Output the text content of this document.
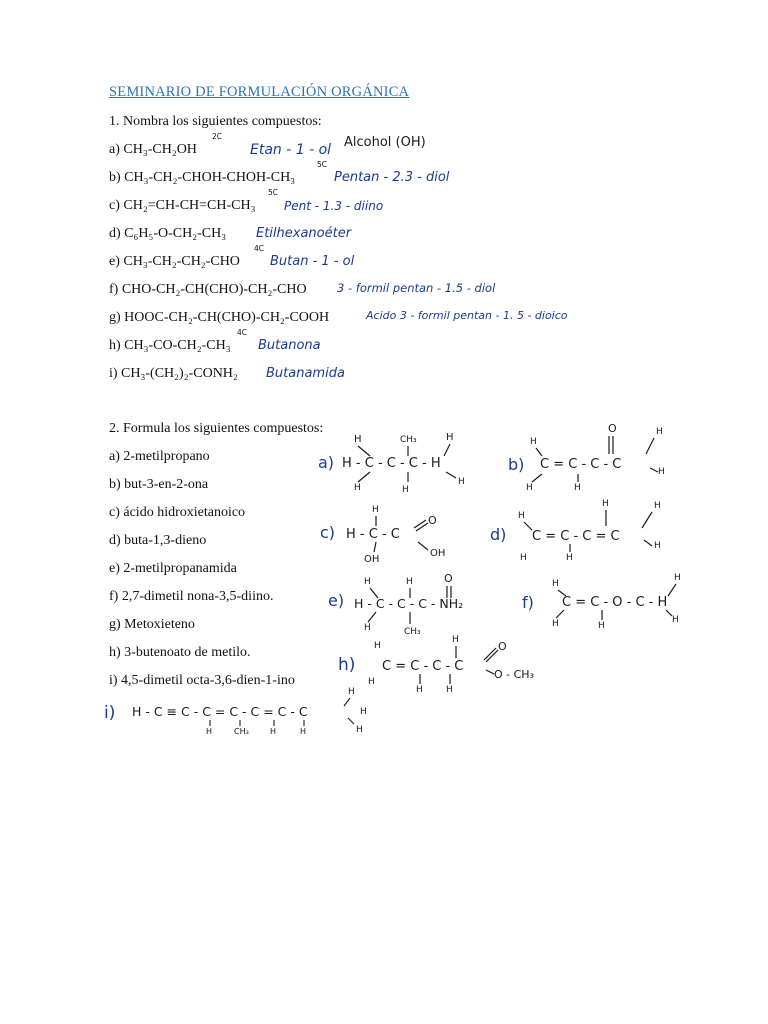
SEMINARIO DE FORMULACIÓN ORGÁNICA
1. Nombra los siguientes compuestos:
a) CH₃-CH₂OH
2C
Etan - 1 - ol Alcohol (OH)
b) CH₃-CH₂-CHOH-CHOH-CH₃
5C
Pentan - 2.3 - diol
c) CH₂=CH-CH=CH-CH₃
5C
Pent - 1.3 - diino
d) C₆H₅-O-CH₂-CH₃ Etilhexanoéter
e) CH₃-CH₂-CH₂-CHO
4C
Butan - 1 - ol
f) CHO-CH₂-CH(CHO)-CH₂-CHO	3 - formil pentan - 1.5 - diol
g) HOOC-CH₂-CH(CHO)-CH₂-COOH	Acido 3 - formil pentan - 1. 5 - dioico
h) CH₃-CO-CH₂-CH₃
4C
Butanona
i) CH₃-(CH₂)₂-CONH₂ Butanamida
2. Formula los siguientes compuestos:
a) 2-metilpropano
b) but-3-en-2-ona
c) ácido hidroxietanoico
d) buta-1,3-dieno
e) 2-metilpropanamida
f) 2,7-dimetil nona-3,5-diino.
g) Metoxieteno
h) 3-butenoato de metilo.
i) 4,5-dimetil octa-3,6-dien-1-ino
a) H - C - C - C - H
H	CH₃	H
H	H
H
b) C = C - C - C
H
O	H
H	H
H
c) H - C - C
H
O
OH
OH
d) C = C - C = C
H
H	H
H	H
H
e) H - C - C - C - NH₂
H	H	O
H	CH₃
f) C = C - O - C - H
H
H
H	H
H
h) C = C - C - C
H
H	O
H
H	H
O - CH₃
i) H - C ≡ C - C = C - C = C - C
H
H	CH₃	H	H
H
H
